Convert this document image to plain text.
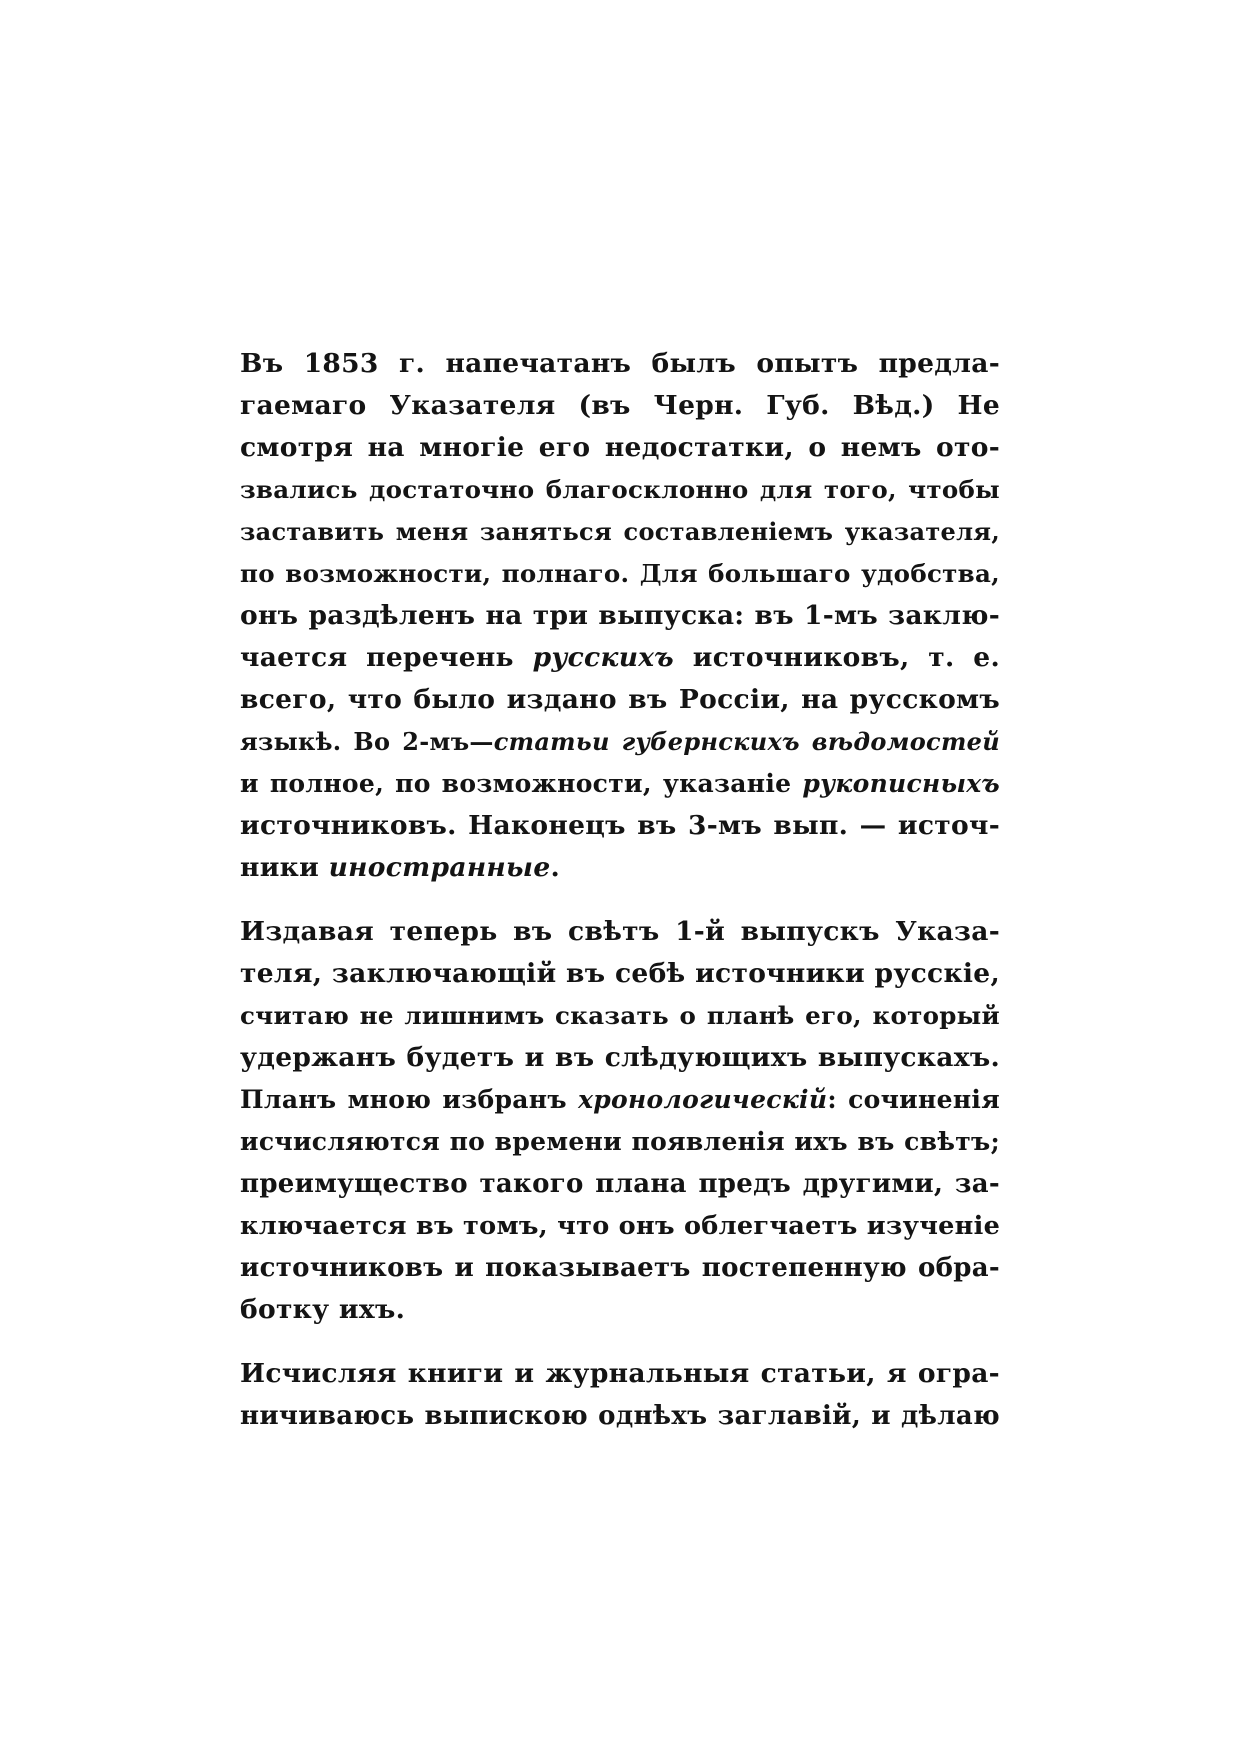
Въ 1853 г. напечатанъ былъ опытъ предла-
гаемаго Указателя (въ Черн. Губ. Вѣд.) Не
смотря на многіе его недостатки, о немъ ото-
звались достаточно благосклонно для того, чтобы
заставить меня заняться составленіемъ указателя,
по возможности, полнаго. Для большаго удобства,
онъ раздѣленъ на три выпуска: въ 1-мъ заклю-
чается перечень русскихъ источниковъ, т. е.
всего, что было издано въ Россіи, на русскомъ
языкѣ. Во 2-мъ—статьи губернскихъ вѣдомостей
и полное, по возможности, указаніе рукописныхъ
источниковъ. Наконецъ въ 3-мъ вып. — источ-
ники иностранные.
Издавая теперь въ свѣтъ 1-й выпускъ Указа-
теля, заключающій въ себѣ источники русскіе,
считаю не лишнимъ сказать о планѣ его, который
удержанъ будетъ и въ слѣдующихъ выпускахъ.
Планъ мною избранъ хронологическій: сочиненія
исчисляются по времени появленія ихъ въ свѣтъ;
преимущество такого плана предъ другими, за-
ключается въ томъ, что онъ облегчаетъ изученіе
источниковъ и показываетъ постепенную обра-
ботку ихъ.
Исчисляя книги и журнальныя статьи, я огра-
ничиваюсь выпискою однѣхъ заглавій, и дѣлаю
